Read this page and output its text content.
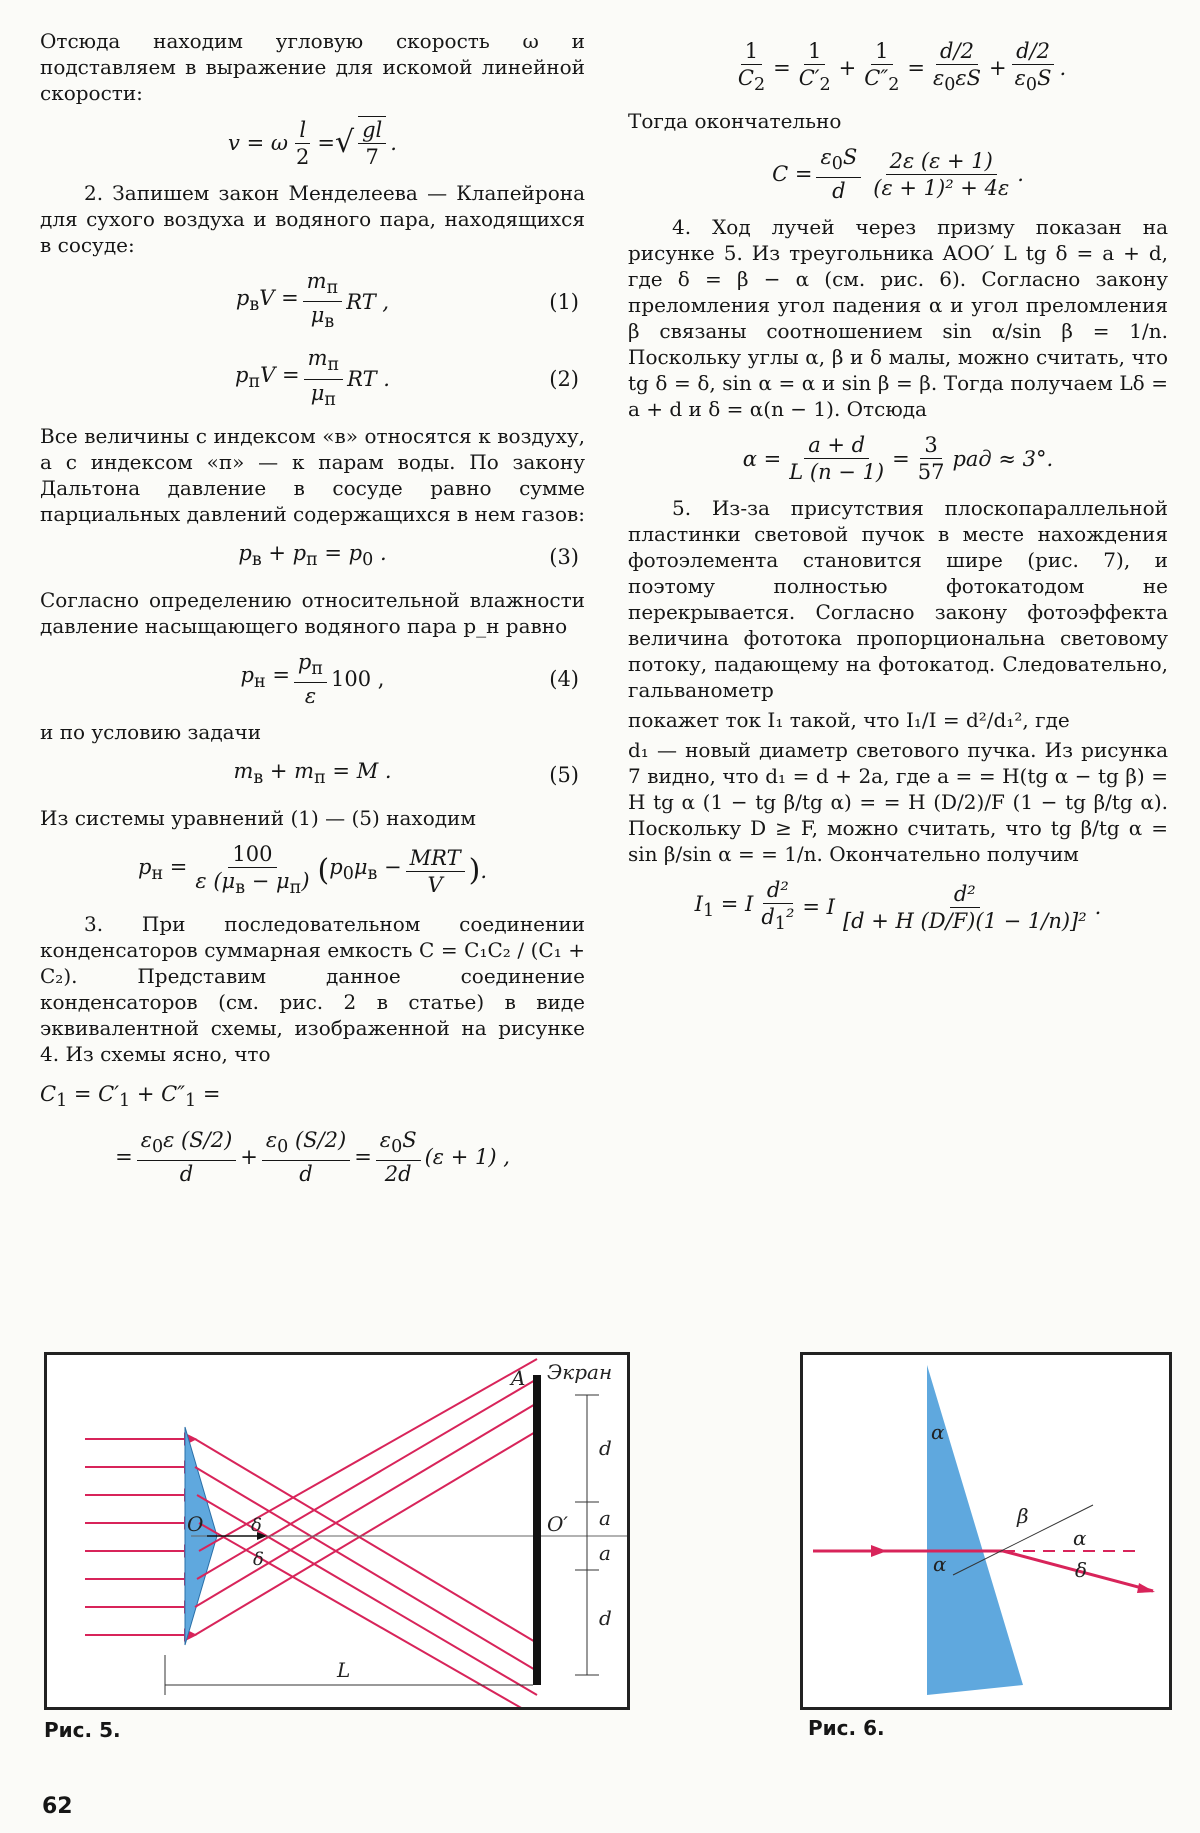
Отсюда находим угловую скорость ω и подставляем в выражение для искомой линейной скорости:

v = ω $\frac{l}{2}$ = √ $\frac{gl}{7}$ .

2. Запишем закон Менделеева — Клапейрона для сухого воздуха и водяного пара, находящихся в сосуде:

$p_вV = \frac{m_п}{\mu_в}$ RT ,	(1)
$p_пV = \frac{m_п}{\mu_п}$ RT .	(2)

Все величины с индексом «в» относятся к воздуху, а с индексом «п» — к парам воды. По закону Дальтона давление в сосуде равно сумме парциальных давлений содержащихся в нем газов:

$p_в + p_п = p_0$ .	(3)

Согласно определению относительной влажности давление насыщающего водяного пара p_н равно

$p_н = \frac{p_п}{\varepsilon} 100$ ,	(4)

и по условию задачи

$m_в + m_п = M$ .	(5)

Из системы уравнений (1) — (5) находим

$p_н = \frac{100}{\varepsilon (\mu_в - \mu_п)}$ ( $p_0\mu_в - \frac{\text{MRT}}{V}$ ) .

3. При последовательном соединении конденсаторов суммарная емкость C = C₁C₂ / (C₁ + C₂). Представим данное соединение конденсаторов (см. рис. 2 в статье) в виде эквивалентной схемы, изображенной на рисунке 4. Из схемы ясно, что

$C_1 = C'_1 + C''_1$ =
= $\frac{\varepsilon_0\varepsilon (S/2)}{d} + \frac{\varepsilon_0 (S/2)}{d} = \frac{\varepsilon_0S}{2d} (\varepsilon + 1)$ ,
$\frac{1}{C_2} = \frac{1}{C'_2} + \frac{1}{C''_2} = \frac{d/2}{\varepsilon_0\varepsilon S} + \frac{d/2}{\varepsilon_0S}$ .

Тогда окончательно

$C = \frac{\varepsilon_0S}{d} \frac{2\varepsilon (\varepsilon + 1)}{\text{(ε + 1)² + 4ε}}$ .

4. Ход лучей через призму показан на рисунке 5. Из треугольника AOO′ L tg δ = a + d, где δ = β − α (см. рис. 6). Согласно закону преломления угол падения α и угол преломления β связаны соотношением sin α/sin β = 1/n. Поскольку углы α, β и δ малы, можно считать, что tg δ = δ, sin α = α и sin β = β. Тогда получаем Lδ = a + d и δ = α(n − 1). Отсюда

$\alpha = \frac{a + d}{L (n - 1)} = \frac{3}{57}$ рад ≈ 3°.

5. Из-за присутствия плоскопараллельной пластинки световой пучок в месте нахождения фотоэлемента становится шире (рис. 7), и поэтому полностью фотокатодом не перекрывается. Согласно закону фотоэффекта величина фототока пропорциональна световому потоку, падающему на фотокатод. Следовательно, гальванометр

покажет ток I₁ такой, что I₁/I = d²/d₁², где

d₁ — новый диаметр светового пучка. Из рисунка 7 видно, что d₁ = d + 2a, где a = = H(tg α − tg β) = H tg α (1 − tg β/tg α) = = H (D/2)/F (1 − tg β/tg α). Поскольку D ≥ F, можно считать, что tg β/tg α = sin β/sin α = = 1/n. Окончательно получим

$I_1 = I \frac{\text{d²}}{d_1^2} = I \frac{\text{d²}}{\text{[d + H (D/F)(1 − 1/n)]²}}$ .
Экран
A
O	O′
d
a
a
d
L
δ
δ
Рис. 5.
α
α
β
α
δ
Рис. 6.
62
